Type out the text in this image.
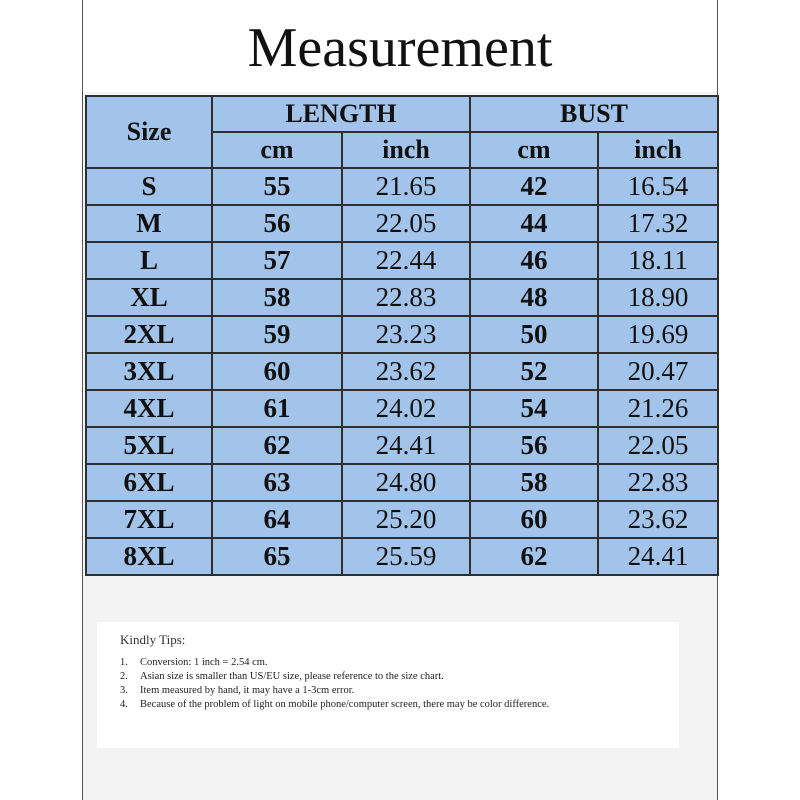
Measurement
Size	LENGTH		BUST	
	cm	inch	cm	inch
S	55	21.65	42	16.54
M	56	22.05	44	17.32
L	57	22.44	46	18.11
XL	58	22.83	48	18.90
2XL	59	23.23	50	19.69
3XL	60	23.62	52	20.47
4XL	61	24.02	54	21.26
5XL	62	24.41	56	22.05
6XL	63	24.80	58	22.83
7XL	64	25.20	60	23.62
8XL	65	25.59	62	24.41
Kindly Tips:
1.	Conversion: 1 inch = 2.54 cm.
2.	Asian size is smaller than US/EU size, please reference to the size chart.
3.	Item measured by hand, it may have a 1-3cm error.
4.	Because of the problem of light on mobile phone/computer screen, there may be color difference.
